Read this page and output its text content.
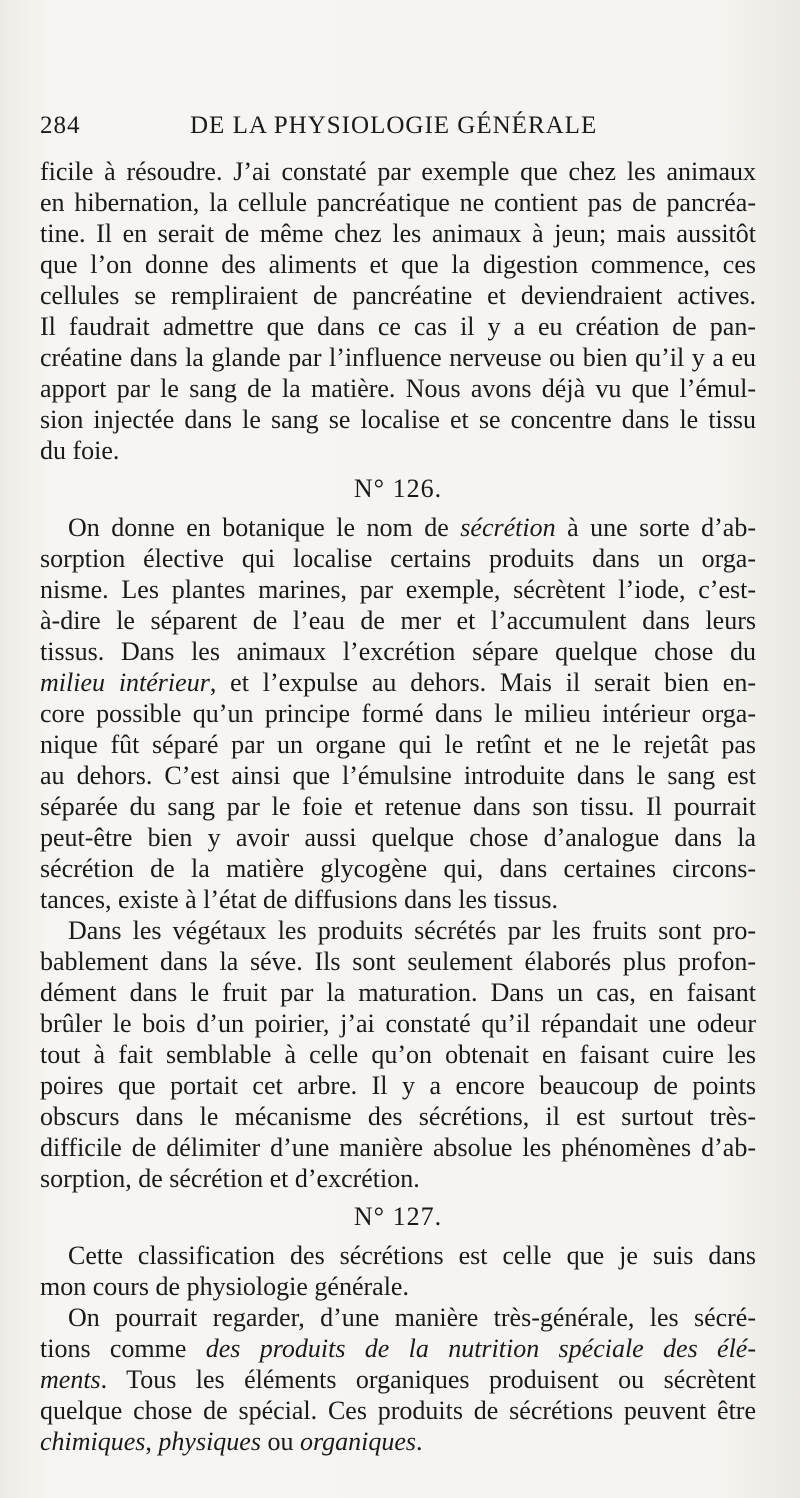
284	DE LA PHYSIOLOGIE GÉNÉRALE
ficile à résoudre. J’ai constaté par exemple que chez les animaux
en hibernation, la cellule pancréatique ne contient pas de pancréa-
tine. Il en serait de même chez les animaux à jeun; mais aussitôt
que l’on donne des aliments et que la digestion commence, ces
cellules se rempliraient de pancréatine et deviendraient actives.
Il faudrait admettre que dans ce cas il y a eu création de pan-
créatine dans la glande par l’influence nerveuse ou bien qu’il y a eu
apport par le sang de la matière. Nous avons déjà vu que l’émul-
sion injectée dans le sang se localise et se concentre dans le tissu
du foie.
N° 126.
On donne en botanique le nom de sécrétion à une sorte d’ab-
sorption élective qui localise certains produits dans un orga-
nisme. Les plantes marines, par exemple, sécrètent l’iode, c’est-
à-dire le séparent de l’eau de mer et l’accumulent dans leurs
tissus. Dans les animaux l’excrétion sépare quelque chose du
milieu intérieur, et l’expulse au dehors. Mais il serait bien en-
core possible qu’un principe formé dans le milieu intérieur orga-
nique fût séparé par un organe qui le retînt et ne le rejetât pas
au dehors. C’est ainsi que l’émulsine introduite dans le sang est
séparée du sang par le foie et retenue dans son tissu. Il pourrait
peut-être bien y avoir aussi quelque chose d’analogue dans la
sécrétion de la matière glycogène qui, dans certaines circons-
tances, existe à l’état de diffusions dans les tissus.
Dans les végétaux les produits sécrétés par les fruits sont pro-
bablement dans la séve. Ils sont seulement élaborés plus profon-
dément dans le fruit par la maturation. Dans un cas, en faisant
brûler le bois d’un poirier, j’ai constaté qu’il répandait une odeur
tout à fait semblable à celle qu’on obtenait en faisant cuire les
poires que portait cet arbre. Il y a encore beaucoup de points
obscurs dans le mécanisme des sécrétions, il est surtout très-
difficile de délimiter d’une manière absolue les phénomènes d’ab-
sorption, de sécrétion et d’excrétion.
N° 127.
Cette classification des sécrétions est celle que je suis dans
mon cours de physiologie générale.
On pourrait regarder, d’une manière très-générale, les sécré-
tions comme des produits de la nutrition spéciale des élé-
ments. Tous les éléments organiques produisent ou sécrètent
quelque chose de spécial. Ces produits de sécrétions peuvent être
chimiques, physiques ou organiques.
